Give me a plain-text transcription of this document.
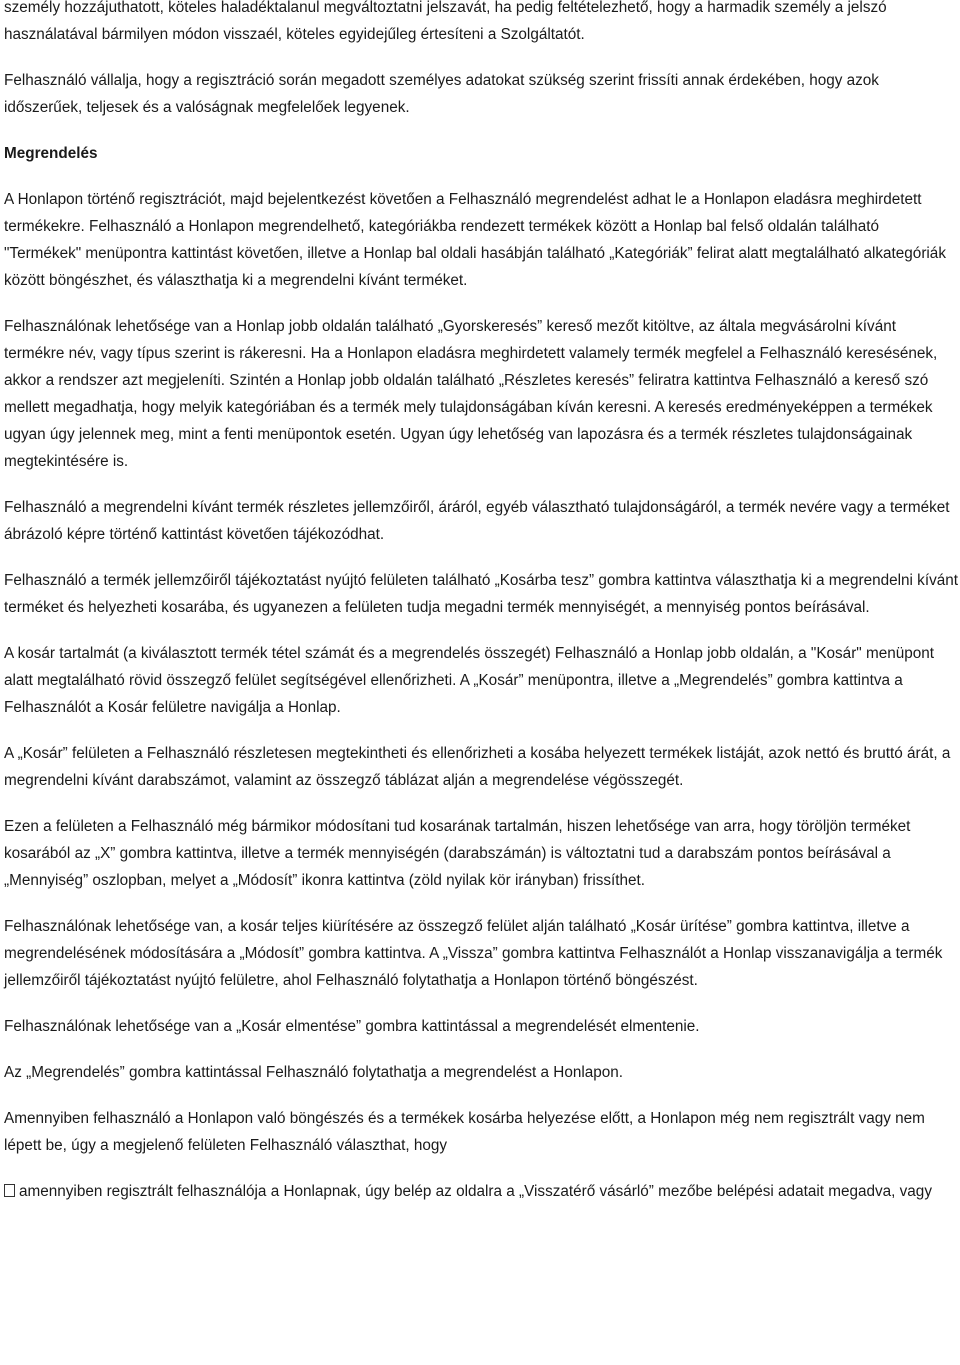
személy hozzájuthatott, köteles haladéktalanul megváltoztatni jelszavát, ha pedig feltételezhető, hogy a harmadik személy a jelszó használatával bármilyen módon visszaél, köteles egyidejűleg értesíteni a Szolgáltatót.

Felhasználó vállalja, hogy a regisztráció során megadott személyes adatokat szükség szerint frissíti annak érdekében, hogy azok időszerűek, teljesek és a valóságnak megfelelőek legyenek.

Megrendelés

A Honlapon történő regisztrációt, majd bejelentkezést követően a Felhasználó megrendelést adhat le a Honlapon eladásra meghirdetett termékekre. Felhasználó a Honlapon megrendelhető, kategóriákba rendezett termékek között a Honlap bal felső oldalán található "Termékek" menüpontra kattintást követően, illetve a Honlap bal oldali hasábján található „Kategóriák” felirat alatt megtalálható alkategóriák között böngészhet, és választhatja ki a megrendelni kívánt terméket.

Felhasználónak lehetősége van a Honlap jobb oldalán található „Gyorskeresés” kereső mezőt kitöltve, az általa megvásárolni kívánt termékre név, vagy típus szerint is rákeresni. Ha a Honlapon eladásra meghirdetett valamely termék megfelel a Felhasználó keresésének, akkor a rendszer azt megjeleníti. Szintén a Honlap jobb oldalán található „Részletes keresés” feliratra kattintva Felhasználó a kereső szó mellett megadhatja, hogy melyik kategóriában és a termék mely tulajdonságában kíván keresni. A keresés eredményeképpen a termékek ugyan úgy jelennek meg, mint a fenti menüpontok esetén. Ugyan úgy lehetőség van lapozásra és a termék részletes tulajdonságainak megtekintésére is.

Felhasználó a megrendelni kívánt termék részletes jellemzőiről, áráról, egyéb választható tulajdonságáról, a termék nevére vagy a terméket ábrázoló képre történő kattintást követően tájékozódhat.

Felhasználó a termék jellemzőiről tájékoztatást nyújtó felületen található „Kosárba tesz” gombra kattintva választhatja ki a megrendelni kívánt terméket és helyezheti kosarába, és ugyanezen a felületen tudja megadni termék mennyiségét, a mennyiség pontos beírásával.

A kosár tartalmát (a kiválasztott termék tétel számát és a megrendelés összegét) Felhasználó a Honlap jobb oldalán, a "Kosár" menüpont alatt megtalálható rövid összegző felület segítségével ellenőrizheti. A „Kosár” menüpontra, illetve a „Megrendelés” gombra kattintva a Felhasználót a Kosár felületre navigálja a Honlap.

A „Kosár” felületen a Felhasználó részletesen megtekintheti és ellenőrizheti a kosába helyezett termékek listáját, azok nettó és bruttó árát, a megrendelni kívánt darabszámot, valamint az összegző táblázat alján a megrendelése végösszegét.

Ezen a felületen a Felhasználó még bármikor módosítani tud kosarának tartalmán, hiszen lehetősége van arra, hogy töröljön terméket kosarából az „X” gombra kattintva, illetve a termék mennyiségén (darabszámán) is változtatni tud a darabszám pontos beírásával a „Mennyiség” oszlopban, melyet a „Módosít” ikonra kattintva (zöld nyilak kör irányban) frissíthet.

Felhasználónak lehetősége van, a kosár teljes kiürítésére az összegző felület alján található „Kosár ürítése” gombra kattintva, illetve a megrendelésének módosítására a „Módosít” gombra kattintva. A „Vissza” gombra kattintva Felhasználót a Honlap visszanavigálja a termék jellemzőiről tájékoztatást nyújtó felületre, ahol Felhasználó folytathatja a Honlapon történő böngészést.

Felhasználónak lehetősége van a „Kosár elmentése” gombra kattintással a megrendelését elmentenie.

Az „Megrendelés” gombra kattintással Felhasználó folytathatja a megrendelést a Honlapon.

Amennyiben felhasználó a Honlapon való böngészés és a termékek kosárba helyezése előtt, a Honlapon még nem regisztrált vagy nem lépett be, úgy a megjelenő felületen Felhasználó választhat, hogy

amennyiben regisztrált felhasználója a Honlapnak, úgy belép az oldalra a „Visszatérő vásárló” mezőbe belépési adatait megadva, vagy
